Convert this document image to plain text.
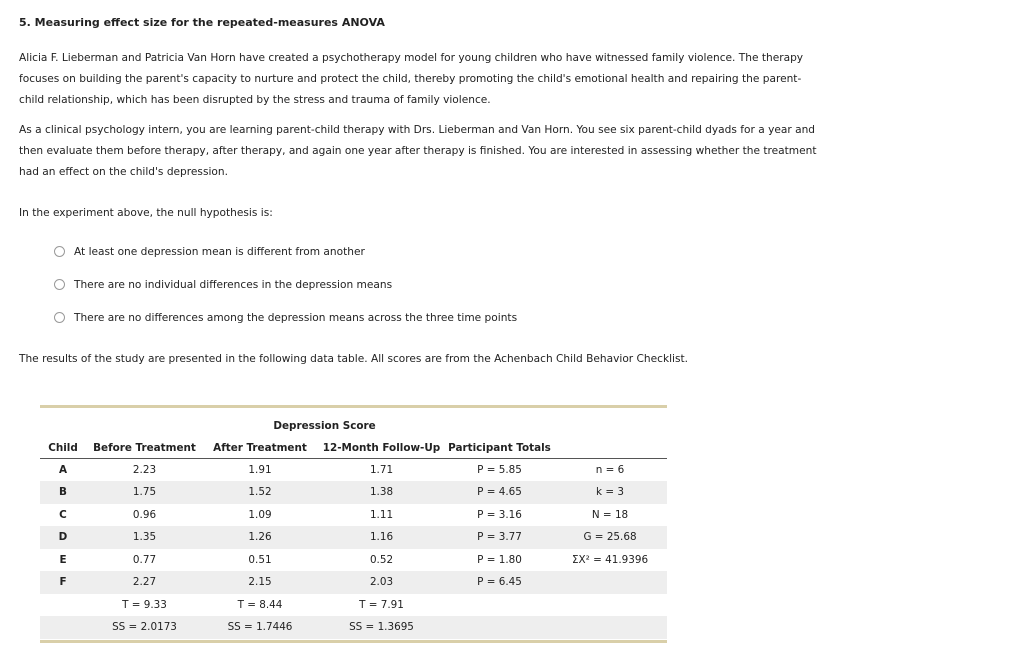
5. Measuring effect size for the repeated-measures ANOVA
Alicia F. Lieberman and Patricia Van Horn have created a psychotherapy model for young children who have witnessed family violence. The therapy focuses on building the parent's capacity to nurture and protect the child, thereby promoting the child's emotional health and repairing the parent-child relationship, which has been disrupted by the stress and trauma of family violence.
As a clinical psychology intern, you are learning parent-child therapy with Drs. Lieberman and Van Horn. You see six parent-child dyads for a year and then evaluate them before therapy, after therapy, and again one year after therapy is finished. You are interested in assessing whether the treatment had an effect on the child's depression.
In the experiment above, the null hypothesis is:
At least one depression mean is different from another
There are no individual differences in the depression means
There are no differences among the depression means across the three time points
The results of the study are presented in the following data table. All scores are from the Achenbach Child Behavior Checklist.
		Depression Score			
Child	Before Treatment	After Treatment	12-Month Follow-Up	Participant Totals	
A	2.23	1.91	1.71	P = 5.85	n = 6
B	1.75	1.52	1.38	P = 4.65	k = 3
C	0.96	1.09	1.11	P = 3.16	N = 18
D	1.35	1.26	1.16	P = 3.77	G = 25.68
E	0.77	0.51	0.52	P = 1.80	ΣX² = 41.9396
F	2.27	2.15	2.03	P = 6.45	
	T = 9.33	T = 8.44	T = 7.91		
	SS = 2.0173	SS = 1.7446	SS = 1.3695		
